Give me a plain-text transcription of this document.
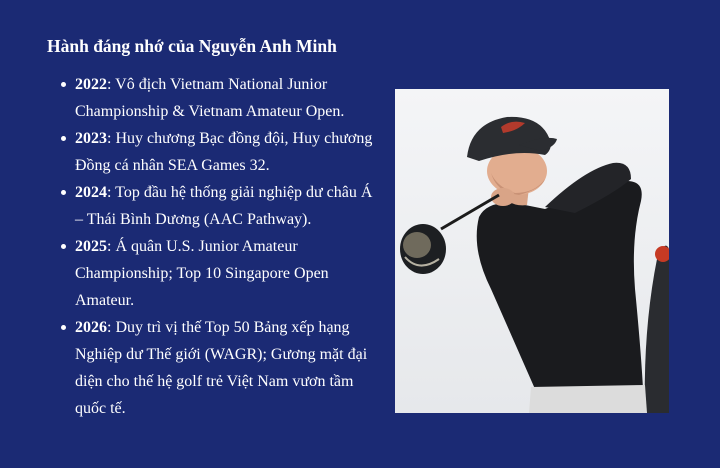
Hành đáng nhớ của Nguyễn Anh Minh
2022: Vô địch Vietnam National Junior Championship & Vietnam Amateur Open.
2023: Huy chương Bạc đồng đội, Huy chương Đồng cá nhân SEA Games 32.
2024: Top đầu hệ thống giải nghiệp dư châu Á – Thái Bình Dương (AAC Pathway).
2025: Á quân U.S. Junior Amateur Championship; Top 10 Singapore Open Amateur.
2026: Duy trì vị thế Top 50 Bảng xếp hạng Nghiệp dư Thế giới (WAGR); Gương mặt đại diện cho thế hệ golf trẻ Việt Nam vươn tầm quốc tế.
